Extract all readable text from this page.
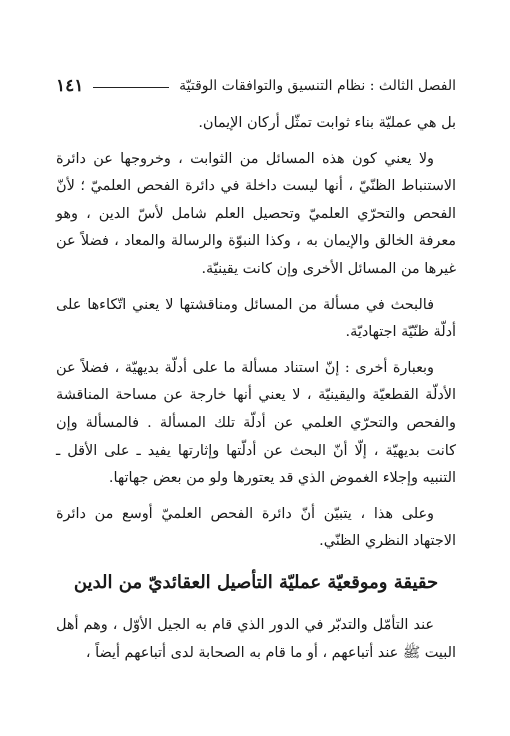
الفصل الثالث : نظام التنسيق والتوافقات الوقتيّة
١٤١

بل هي عمليّة بناء ثوابت تمثّل أركان الإيمان.

ولا يعني كون هذه المسائل من الثوابت ، وخروجها عن دائرة الاستنباط الظنّيّ ، أنها ليست داخلة في دائرة الفحص العلميّ ؛ لأنّ الفحص والتحرّي العلميّ وتحصيل العلم شامل لأسّ الدين ، وهو معرفة الخالق والإيمان به ، وكذا النبوّة والرسالة والمعاد ، فضلاً عن غيرها من المسائل الأخرى وإن كانت يقينيّة.

فالبحث في مسألة من المسائل ومناقشتها لا يعني اتّكاءها على أدلّة ظنّيّة اجتهاديّة.

وبعبارة أخرى : إنّ استناد مسألة ما على أدلّة بديهيّة ، فضلاً عن الأدلّة القطعيّة واليقينيّة ، لا يعني أنها خارجة عن مساحة المناقشة والفحص والتحرّي العلمي عن أدلّة تلك المسألة . فالمسألة وإن كانت بديهيّة ، إلّا أنّ البحث عن أدلّتها وإثارتها يفيد ـ على الأقل ـ التنبيه وإجلاء الغموض الذي قد يعتورها ولو من بعض جهاتها.

وعلى هذا ، يتبيّن أنّ دائرة الفحص العلميّ أوسع من دائرة الاجتهاد النظري الظنّي.

حقيقة وموقعيّة عمليّة التأصيل العقائديّ من الدين

عند التأمّل والتدبّر في الدور الذي قام به الجيل الأوّل ، وهم أهل البيت ﷺ عند أتباعهم ، أو ما قام به الصحابة لدى أتباعهم أيضاً ،
